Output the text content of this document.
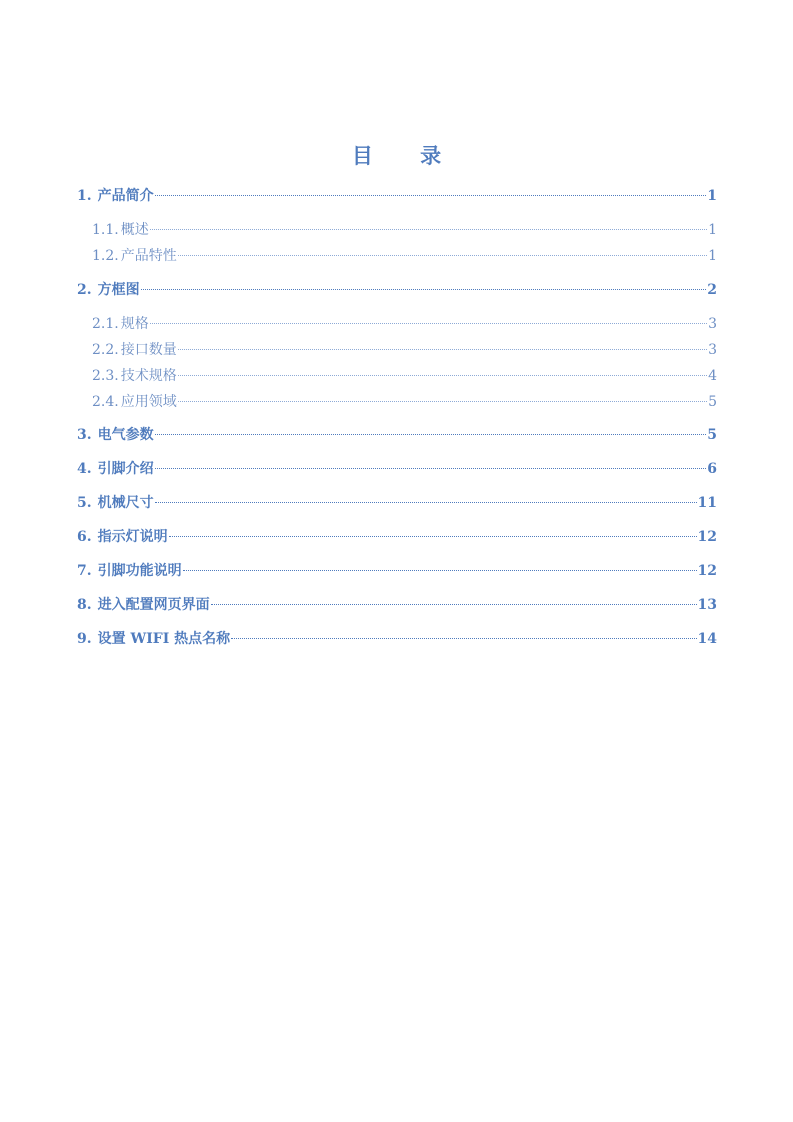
目 录
1. 产品简介	1
1.1. 概述	1
1.2. 产品特性	1
2. 方框图	2
2.1. 规格	3
2.2. 接口数量	3
2.3. 技术规格	4
2.4. 应用领域	5
3. 电气参数	5
4. 引脚介绍	6
5. 机械尺寸	11
6. 指示灯说明	12
7. 引脚功能说明	12
8. 进入配置网页界面	13
9. 设置 WIFI 热点名称	14
